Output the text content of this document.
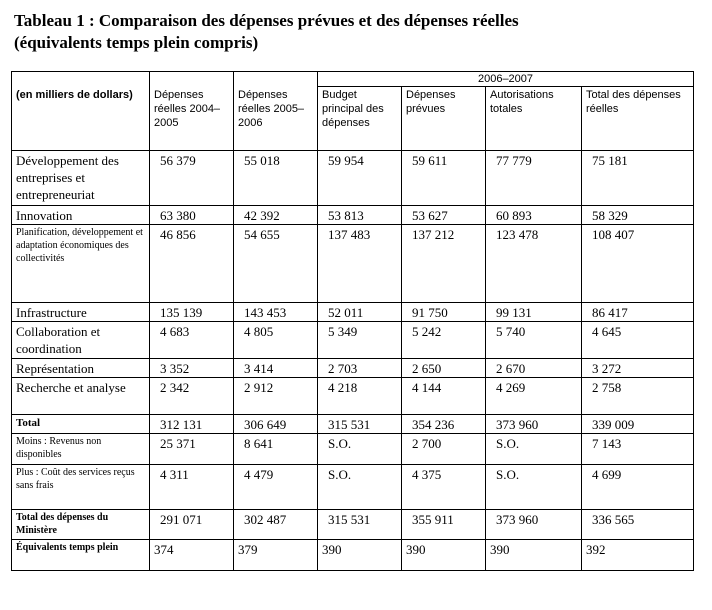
Tableau 1 : Comparaison des dépenses prévues et des dépenses réelles
(équivalents temps plein compris)
(en milliers de dollars)	Dépenses réelles 2004–2005	Dépenses réelles 2005–2006	2006–2007			
			Budget principal des dépenses	Dépenses prévues	Autorisations totales	Total des dépenses réelles
Développement des entreprises et entrepreneuriat	56 379	55 018	59 954	59 611	77 779	75 181
Innovation	63 380	42 392	53 813	53 627	60 893	58 329
Planification, développement et adaptation économiques des collectivités	46 856	54 655	137 483	137 212	123 478	108 407
Infrastructure	135 139	143 453	52 011	91 750	99 131	86 417
Collaboration et coordination	4 683	4 805	5 349	5 242	5 740	4 645
Représentation	3 352	3 414	2 703	2 650	2 670	3 272
Recherche et analyse	2 342	2 912	4 218	4 144	4 269	2 758
Total	312 131	306 649	315 531	354 236	373 960	339 009
Moins : Revenus non disponibles	25 371	8 641	S.O.	2 700	S.O.	7 143
Plus : Coût des services reçus sans frais	4 311	4 479	S.O.	4 375	S.O.	4 699
Total des dépenses du Ministère	291 071	302 487	315 531	355 911	373 960	336 565
Équivalents temps plein	374	379	390	390	390	392
